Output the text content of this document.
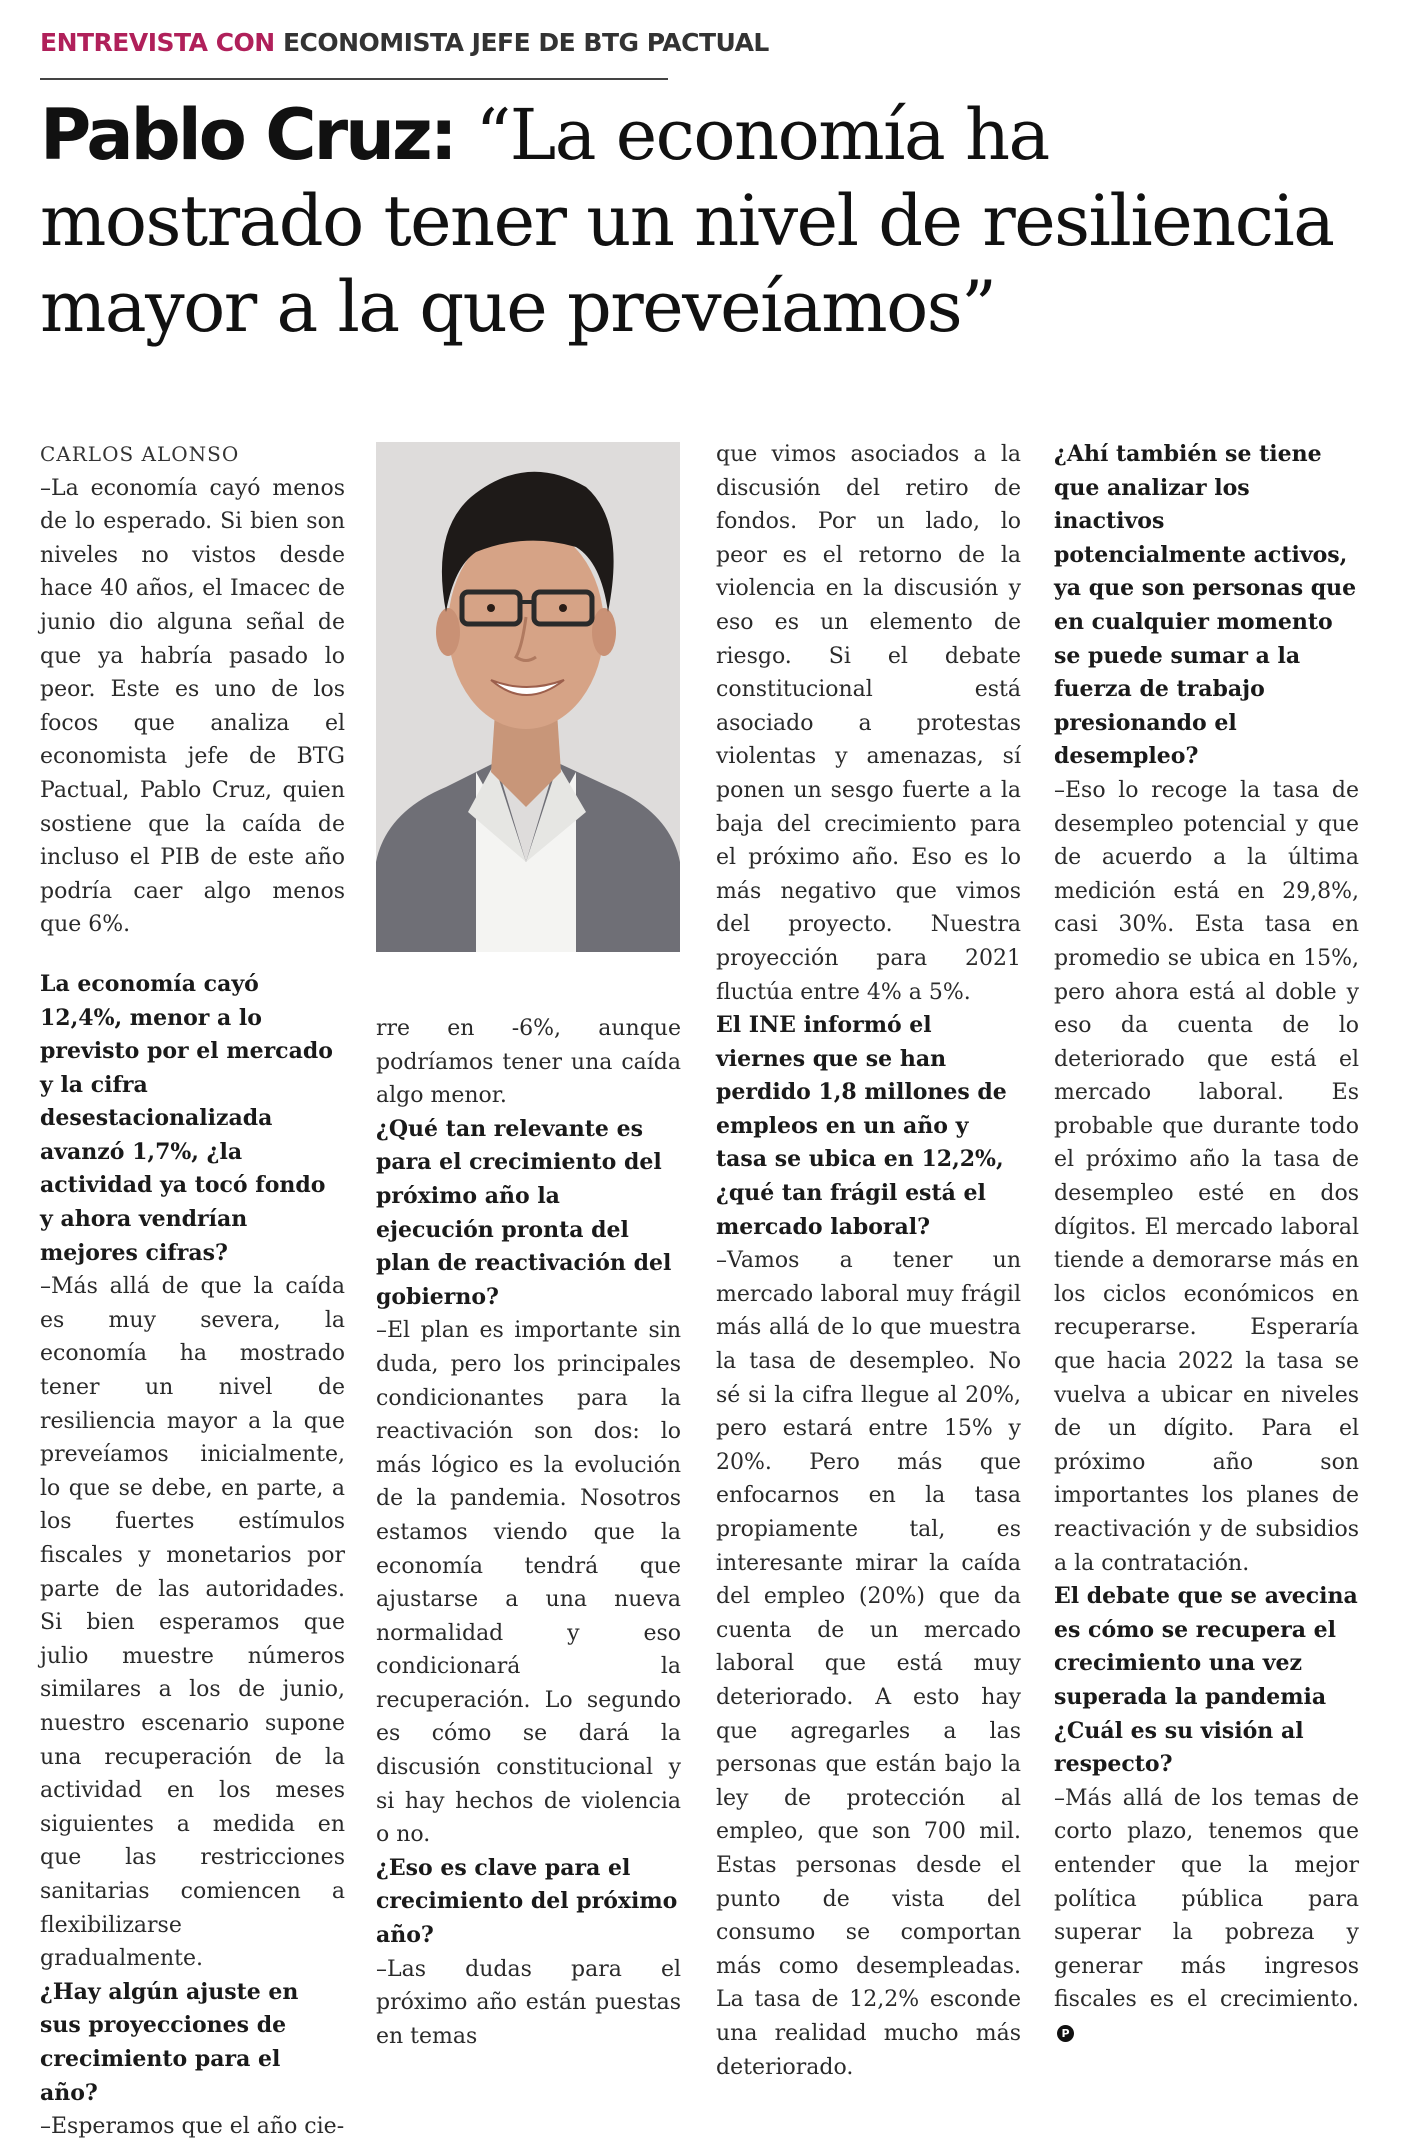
ENTREVISTA CON ECONOMISTA JEFE DE BTG PACTUAL
Pablo Cruz: “La economía ha mostrado tener un nivel de resiliencia mayor a la que preveíamos”

CARLOS ALONSO

–La economía cayó menos de lo esperado. Si bien son niveles no vistos desde hace 40 años, el Imacec de junio dio alguna señal de que ya habría pasado lo peor. Este es uno de los focos que analiza el economista jefe de BTG Pactual, Pablo Cruz, quien sostiene que la caída de incluso el PIB de este año podría caer algo menos que 6%.

La economía cayó 12,4%, menor a lo previsto por el mercado y la cifra desestacionalizada avanzó 1,7%, ¿la actividad ya tocó fondo y ahora vendrían mejores cifras?

–Más allá de que la caída es muy severa, la economía ha mostrado tener un nivel de resiliencia mayor a la que preveíamos inicialmente, lo que se debe, en parte, a los fuertes estímulos fiscales y monetarios por parte de las autoridades. Si bien esperamos que julio muestre números similares a los de junio, nuestro escenario supone una recuperación de la actividad en los meses siguientes a medida en que las restricciones sanitarias comiencen a flexibilizarse gradualmente.

¿Hay algún ajuste en sus proyecciones de crecimiento para el año?

–Esperamos que el año cie-

rre en -6%, aunque podríamos tener una caída algo menor.

¿Qué tan relevante es para el crecimiento del próximo año la ejecución pronta del plan de reactivación del gobierno?

–El plan es importante sin duda, pero los principales condicionantes para la reactivación son dos: lo más lógico es la evolución de la pandemia. Nosotros estamos viendo que la economía tendrá que ajustarse a una nueva normalidad y eso condicionará la recuperación. Lo segundo es cómo se dará la discusión constitucional y si hay hechos de violencia o no.

¿Eso es clave para el crecimiento del próximo año?

–Las dudas para el próximo año están puestas en temas

que vimos asociados a la discusión del retiro de fondos. Por un lado, lo peor es el retorno de la violencia en la discusión y eso es un elemento de riesgo. Si el debate constitucional está asociado a protestas violentas y amenazas, sí ponen un sesgo fuerte a la baja del crecimiento para el próximo año. Eso es lo más negativo que vimos del proyecto. Nuestra proyección para 2021 fluctúa entre 4% a 5%.

El INE informó el viernes que se han perdido 1,8 millones de empleos en un año y tasa se ubica en 12,2%, ¿qué tan frágil está el mercado laboral?

–Vamos a tener un mercado laboral muy frágil más allá de lo que muestra la tasa de desempleo. No sé si la cifra llegue al 20%, pero estará entre 15% y 20%. Pero más que enfocarnos en la tasa propiamente tal, es interesante mirar la caída del empleo (20%) que da cuenta de un mercado laboral que está muy deteriorado. A esto hay que agregarles a las personas que están bajo la ley de protección al empleo, que son 700 mil. Estas personas desde el punto de vista del consumo se comportan más como desempleadas. La tasa de 12,2% esconde una realidad mucho más deteriorado.

¿Ahí también se tiene que analizar los inactivos potencialmente activos, ya que son personas que en cualquier momento se puede sumar a la fuerza de trabajo presionando el desempleo?

–Eso lo recoge la tasa de desempleo potencial y que de acuerdo a la última medición está en 29,8%, casi 30%. Esta tasa en promedio se ubica en 15%, pero ahora está al doble y eso da cuenta de lo deteriorado que está el mercado laboral. Es probable que durante todo el próximo año la tasa de desempleo esté en dos dígitos. El mercado laboral tiende a demorarse más en los ciclos económicos en recuperarse. Esperaría que hacia 2022 la tasa se vuelva a ubicar en niveles de un dígito. Para el próximo año son importantes los planes de reactivación y de subsidios a la contratación.

El debate que se avecina es cómo se recupera el crecimiento una vez superada la pandemia ¿Cuál es su visión al respecto?

–Más allá de los temas de corto plazo, tenemos que entender que la mejor política pública para superar la pobreza y generar más ingresos fiscales es el crecimiento.P
